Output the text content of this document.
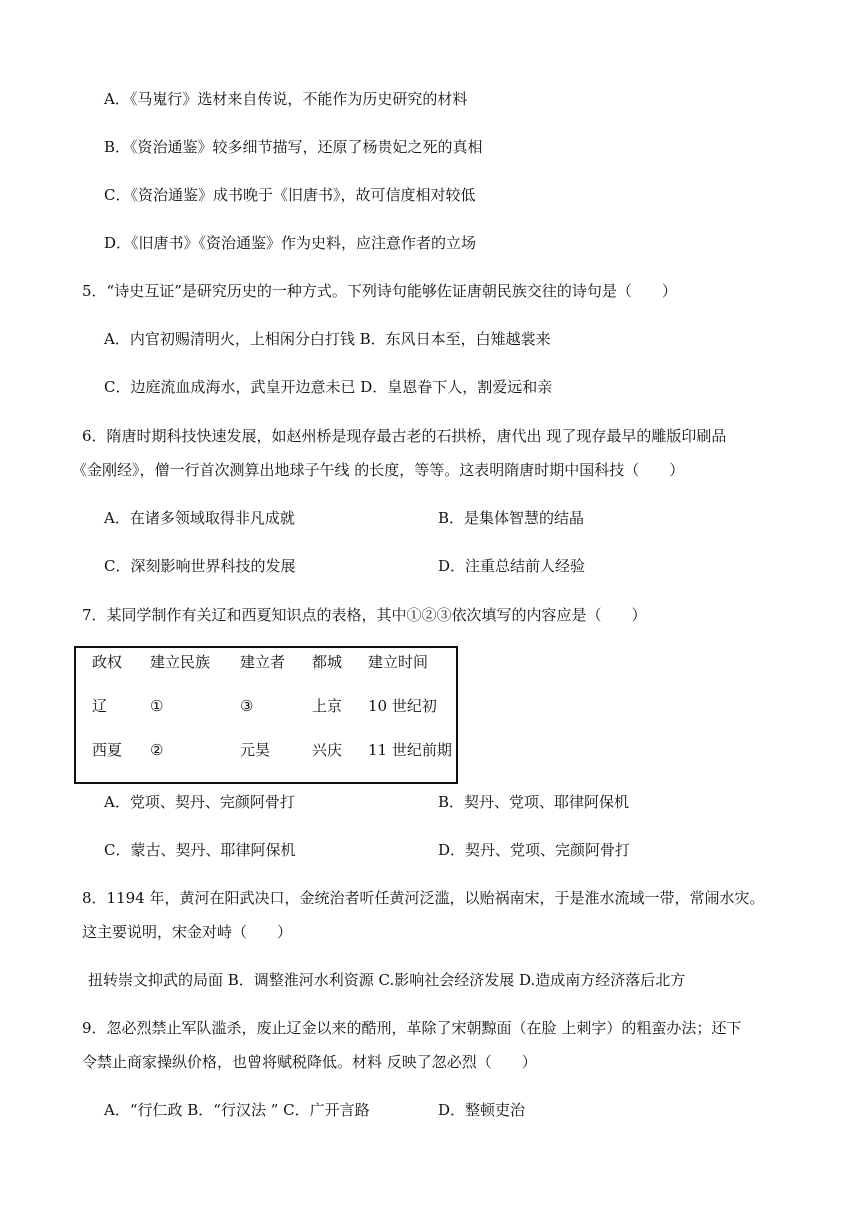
A．《马嵬行》选材来自传说，不能作为历史研究的材料
B．《资治通鉴》较多细节描写，还原了杨贵妃之死的真相
C．《资治通鉴》成书晚于《旧唐书》，故可信度相对较低
D．《旧唐书》《资治通鉴》作为史料，应注意作者的立场
5．“诗史互证”是研究历史的一种方式。下列诗句能够佐证唐朝民族交往的诗句是（　　）
A．内官初赐清明火，上相闲分白打钱 B．东风日本至，白雉越裳来
C．边庭流血成海水，武皇开边意未已 D．皇恩眷下人，割爱远和亲
6．隋唐时期科技快速发展，如赵州桥是现存最古老的石拱桥，唐代出 现了现存最早的雕版印刷品
《金刚经》，僧一行首次测算出地球子午线 的长度，等等。这表明隋唐时期中国科技（　　）
A．在诸多领域取得非凡成就	B．是集体智慧的结晶
C．深刻影响世界科技的发展	D．注重总结前人经验
7．某同学制作有关辽和西夏知识点的表格，其中①②③依次填写的内容应是（　　）
政权 建立民族 建立者 都城 建立时间
辽	①	③	上京 10 世纪初
西夏 ②	元昊	兴庆 11 世纪前期
A．党项、契丹、完颜阿骨打	B．契丹、党项、耶律阿保机
C．蒙古、契丹、耶律阿保机	D．契丹、党项、完颜阿骨打
8．1194 年，黄河在阳武决口，金统治者听任黄河泛滥，以贻祸南宋，于是淮水流域一带，常闹水灾。
这主要说明，宋金对峙（　　）
扭转崇文抑武的局面 B．调整淮河水利资源 C.影响社会经济发展 D.造成南方经济落后北方
9．忽必烈禁止军队滥杀，废止辽金以来的酷刑，革除了宋朝黥面（在脸 上刺字）的粗蛮办法；还下
令禁止商家操纵价格，也曾将赋税降低。材料 反映了忽必烈（　　）
A．“行仁政 B．“行汉法 ” C．广开言路	D．整顿吏治
